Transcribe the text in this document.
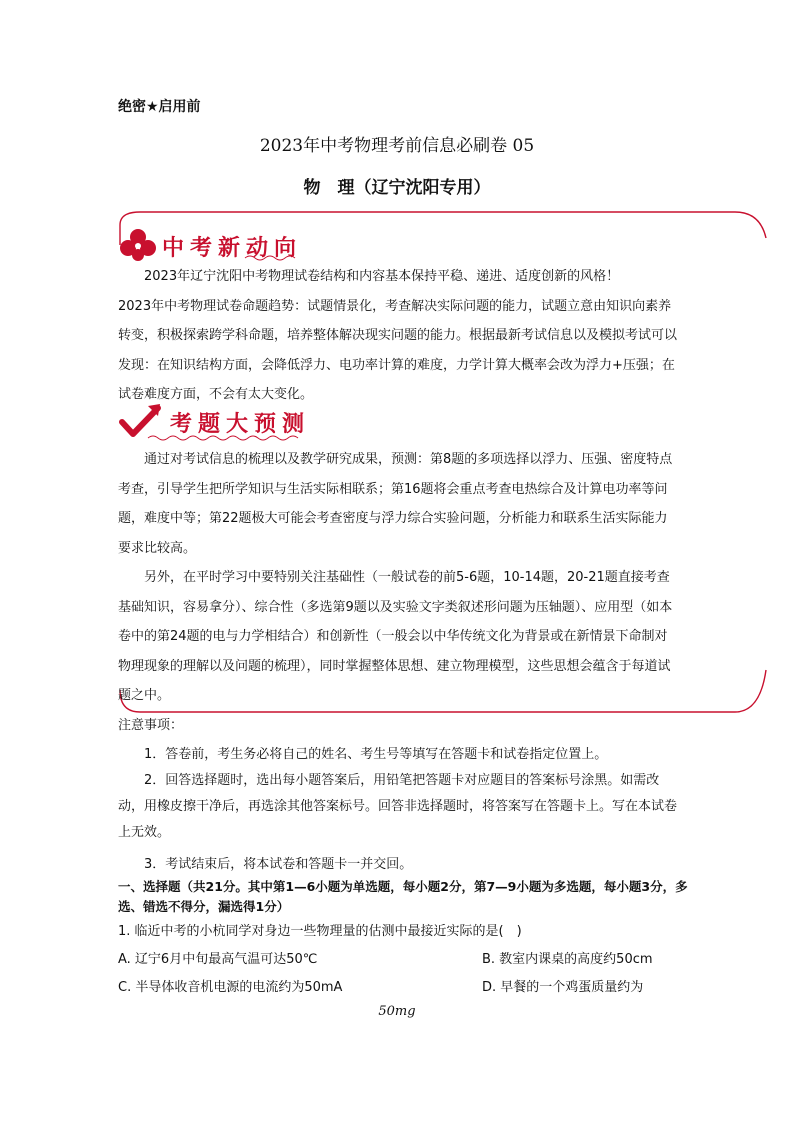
绝密★启用前
2023年中考物理考前信息必刷卷 05
物　理（辽宁沈阳专用）
中考新动向

2023年辽宁沈阳中考物理试卷结构和内容基本保持平稳、递进、适度创新的风格！

2023年中考物理试卷命题趋势：试题情景化，考查解决实际问题的能力，试题立意由知识向素养转变，积极探索跨学科命题，培养整体解决现实问题的能力。根据最新考试信息以及模拟考试可以发现：在知识结构方面，会降低浮力、电功率计算的难度，力学计算大概率会改为浮力+压强；在试卷难度方面，不会有太大变化。

考题大预测

通过对考试信息的梳理以及教学研究成果，预测：第8题的多项选择以浮力、压强、密度特点考查，引导学生把所学知识与生活实际相联系；第16题将会重点考查电热综合及计算电功率等问题，难度中等；第22题极大可能会考查密度与浮力综合实验问题，分析能力和联系生活实际能力要求比较高。

另外，在平时学习中要特别关注基础性（一般试卷的前5-6题，10-14题，20-21题直接考查基础知识，容易拿分）、综合性（多选第9题以及实验文字类叙述形问题为压轴题）、应用型（如本卷中的第24题的电与力学相结合）和创新性（一般会以中华传统文化为背景或在新情景下命制对物理现象的理解以及问题的梳理），同时掌握整体思想、建立物理模型，这些思想会蕴含于每道试题之中。

注意事项：

1．答卷前，考生务必将自己的姓名、考生号等填写在答题卡和试卷指定位置上。

2．回答选择题时，选出每小题答案后，用铅笔把答题卡对应题目的答案标号涂黑。如需改动，用橡皮擦干净后，再选涂其他答案标号。回答非选择题时，将答案写在答题卡上。写在本试卷上无效。

3．考试结束后，将本试卷和答题卡一并交回。

一、选择题（共21分。其中第1—6小题为单选题，每小题2分，第7—9小题为多选题，每小题3分，多选、错选不得分，漏选得1分）
1. 临近中考的小杭同学对身边一些物理量的估测中最接近实际的是(　)
A. 辽宁6月中旬最高气温可达50℃	B. 教室内课桌的高度约50cm
C. 半导体收音机电源的电流约为50mA	D. 早餐的一个鸡蛋质量约为
50mg
